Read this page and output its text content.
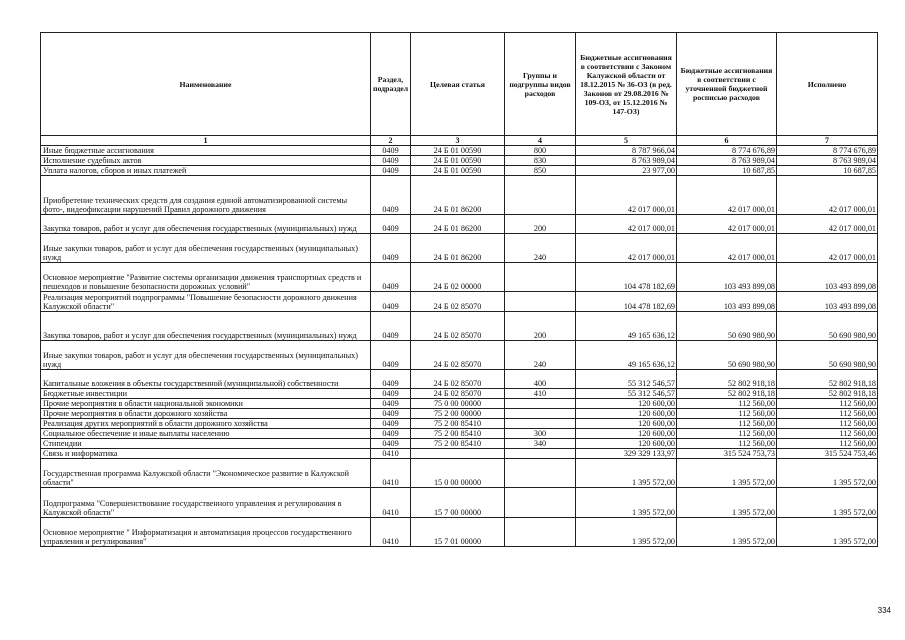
Наименование	Раздел, подраздел	Целевая статья	Группы и подгруппы видов расходов	Бюджетные ассигнования в соответствии с Законом Калужской области от 18.12.2015 № 36-ОЗ (в ред. Законов от 29.08.2016 № 109-ОЗ, от 15.12.2016 № 147-ОЗ)	Бюджетные ассигнования в соответствии с уточненной бюджетной росписью расходов	Исполнено
1	2	3	4	5	6	7
Иные бюджетные ассигнования	0409	24 Б 01 00590	800	8 787 966,04	8 774 676,89	8 774 676,89
Исполнение судебных актов	0409	24 Б 01 00590	830	8 763 989,04	8 763 989,04	8 763 989,04
Уплата налогов, сборов и иных платежей	0409	24 Б 01 00590	850	23 977,00	10 687,85	10 687,85
Приобретение технических средств для создания единой автоматизированной системы фото-, видеофиксации нарушений Правил дорожного движения	0409	24 Б 01 86200		42 017 000,01	42 017 000,01	42 017 000,01
Закупка товаров, работ и услуг для обеспечения государственных (муниципальных) нужд	0409	24 Б 01 86200	200	42 017 000,01	42 017 000,01	42 017 000,01
Иные закупки товаров, работ и услуг для обеспечения государственных (муниципальных) нужд	0409	24 Б 01 86200	240	42 017 000,01	42 017 000,01	42 017 000,01
Основное мероприятие "Развитие системы организации движения транспортных средств и пешеходов и повышение безопасности дорожных условий"	0409	24 Б 02 00000		104 478 182,69	103 493 899,08	103 493 899,08
Реализация мероприятий подпрограммы "Повышение безопасности дорожного движения Калужской области"	0409	24 Б 02 85070		104 478 182,69	103 493 899,08	103 493 899,08
Закупка товаров, работ и услуг для обеспечения государственных (муниципальных) нужд	0409	24 Б 02 85070	200	49 165 636,12	50 690 980,90	50 690 980,90
Иные закупки товаров, работ и услуг для обеспечения государственных (муниципальных) нужд	0409	24 Б 02 85070	240	49 165 636,12	50 690 980,90	50 690 980,90
Капитальные вложения в объекты государственной (муниципальной) собственности	0409	24 Б 02 85070	400	55 312 546,57	52 802 918,18	52 802 918,18
Бюджетные инвестиции	0409	24 Б 02 85070	410	55 312 546,57	52 802 918,18	52 802 918,18
Прочие мероприятия в области национальной экономики	0409	75 0 00 00000		120 600,00	112 560,00	112 560,00
Прочие мероприятия в области дорожного хозяйства	0409	75 2 00 00000		120 600,00	112 560,00	112 560,00
Реализация других мероприятий в области дорожного хозяйства	0409	75 2 00 85410		120 600,00	112 560,00	112 560,00
Социальное обеспечение и иные выплаты населению	0409	75 2 00 85410	300	120 600,00	112 560,00	112 560,00
Стипендии	0409	75 2 00 85410	340	120 600,00	112 560,00	112 560,00
Связь и информатика	0410			329 329 133,97	315 524 753,73	315 524 753,46
Государственная программа Калужской области "Экономическое развитие в Калужской области"	0410	15 0 00 00000		1 395 572,00	1 395 572,00	1 395 572,00
Подпрограмма "Совершенствование государственного управления и регулирования в Калужской области"	0410	15 7 00 00000		1 395 572,00	1 395 572,00	1 395 572,00
Основное мероприятие " Информатизация и автоматизация процессов государственного управления и регулирования"	0410	15 7 01 00000		1 395 572,00	1 395 572,00	1 395 572,00
334
